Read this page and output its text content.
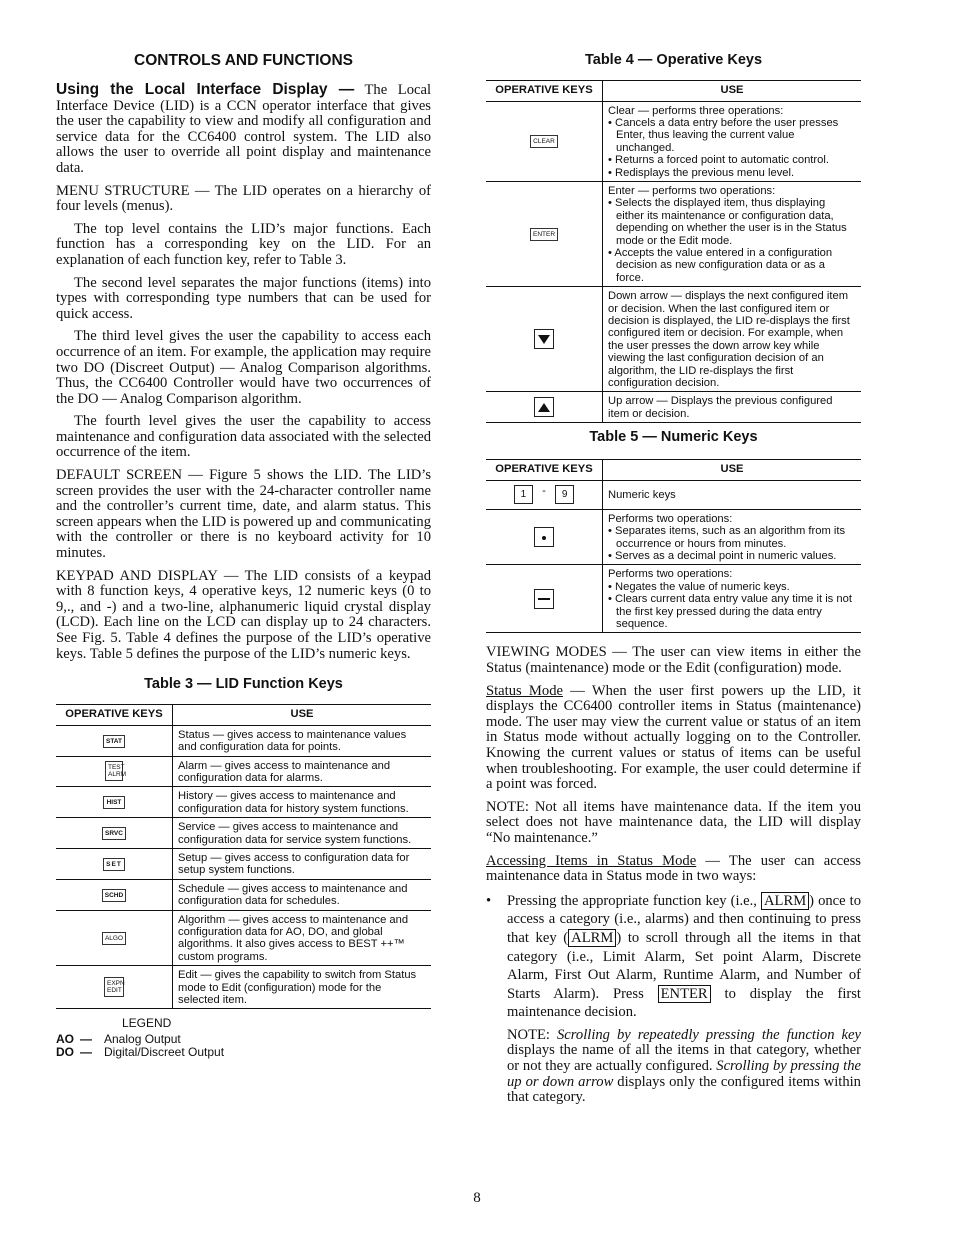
CONTROLS AND FUNCTIONS

Using the Local Interface Display — The Local Interface Device (LID) is a CCN operator interface that gives the user the capability to view and modify all configuration and service data for the CC6400 control system. The LID also allows the user to override all point display and maintenance data.

MENU STRUCTURE — The LID operates on a hierarchy of four levels (menus).

The top level contains the LID’s major functions. Each function has a corresponding key on the LID. For an explanation of each function key, refer to Table 3.

The second level separates the major functions (items) into types with corresponding type numbers that can be used for quick access.

The third level gives the user the capability to access each occurrence of an item. For example, the application may require two DO (Discreet Output) — Analog Comparison algorithms. Thus, the CC6400 Controller would have two occurrences of the DO — Analog Comparison algorithm.

The fourth level gives the user the capability to access maintenance and configuration data associated with the selected occurrence of the item.

DEFAULT SCREEN — Figure 5 shows the LID. The LID’s screen provides the user with the 24-character controller name and the controller’s current time, date, and alarm status. This screen appears when the LID is powered up and communicating with the controller or there is no keyboard activity for 10 minutes.

KEYPAD AND DISPLAY — The LID consists of a keypad with 8 function keys, 4 operative keys, 12 numeric keys (0 to 9,., and -) and a two-line, alphanumeric liquid crystal display (LCD). Each line on the LCD can display up to 24 characters. See Fig. 5. Table 4 defines the purpose of the LID’s operative keys. Table 5 defines the purpose of the LID’s numeric keys.

Table 3 — LID Function Keys
OPERATIVE KEYS	USE
STAT	Status — gives access to maintenance values and configuration data for points.
TEST ALRM	Alarm — gives access to maintenance and configuration data for alarms.
HIST	History — gives access to maintenance and configuration data for history system functions.
SRVC	Service — gives access to maintenance and configuration data for service system functions.
SET	Setup — gives access to configuration data for setup system functions.
SCHD	Schedule — gives access to maintenance and configuration data for schedules.
ALGO	Algorithm — gives access to maintenance and configuration data for AO, DO, and global algorithms. It also gives access to BEST ++™ custom programs.
EXPN EDIT	Edit — gives the capability to switch from Status mode to Edit (configuration) mode for the selected item.
LEGEND
AO — Analog Output
DO — Digital/Discreet Output
Table 4 — Operative Keys
OPERATIVE KEYS	USE
CLEAR	Clear — performs three operations:
• Cancels a data entry before the user presses Enter, thus leaving the current value unchanged.
• Returns a forced point to automatic control.
• Redisplays the previous menu level.

ENTER	Enter — performs two operations:
• Selects the displayed item, thus displaying either its maintenance or configuration data, depending on whether the user is in the Status mode or the Edit mode.
• Accepts the value entered in a configuration decision as new configuration data or as a force.

	Down arrow — displays the next configured item or decision. When the last configured item or decision is displayed, the LID re-displays the first configured item or decision. For example, when the user presses the down arrow key while viewing the last configuration decision of an algorithm, the LID re-displays the first configuration decision.
	Up arrow — Displays the previous configured item or decision.
Table 5 — Numeric Keys
OPERATIVE KEYS	USE
1 - 9	Numeric keys

Performs two operations:
• Separates items, such as an algorithm from its occurrence or hours from minutes.
• Serves as a decimal point in numeric values.

Performs two operations:
• Negates the value of numeric keys.
• Clears current data entry value any time it is not the first key pressed during the data entry sequence.

VIEWING MODES — The user can view items in either the Status (maintenance) mode or the Edit (configuration) mode.

Status Mode — When the user first powers up the LID, it displays the CC6400 controller items in Status (maintenance) mode. The user may view the current value or status of an item in Status mode without actually logging on to the Controller. Knowing the current values or status of items can be useful when troubleshooting. For example, the user could determine if a point was forced.

NOTE: Not all items have maintenance data. If the item you select does not have maintenance data, the LID will display “No maintenance.”

Accessing Items in Status Mode — The user can access maintenance data in Status mode in two ways:

• Pressing the appropriate function key (i.e., ALRM ) once to access a category (i.e., alarms) and then continuing to press that key ( ALRM ) to scroll through all the items in that category (i.e., Limit Alarm, Set point Alarm, Discrete Alarm, First Out Alarm, Runtime Alarm, and Number of Starts Alarm). Press ENTER to display the first maintenance decision.

NOTE: Scrolling by repeatedly pressing the function key displays the name of all the items in that category, whether or not they are actually configured. Scrolling by pressing the up or down arrow displays only the configured items within that category.

8
